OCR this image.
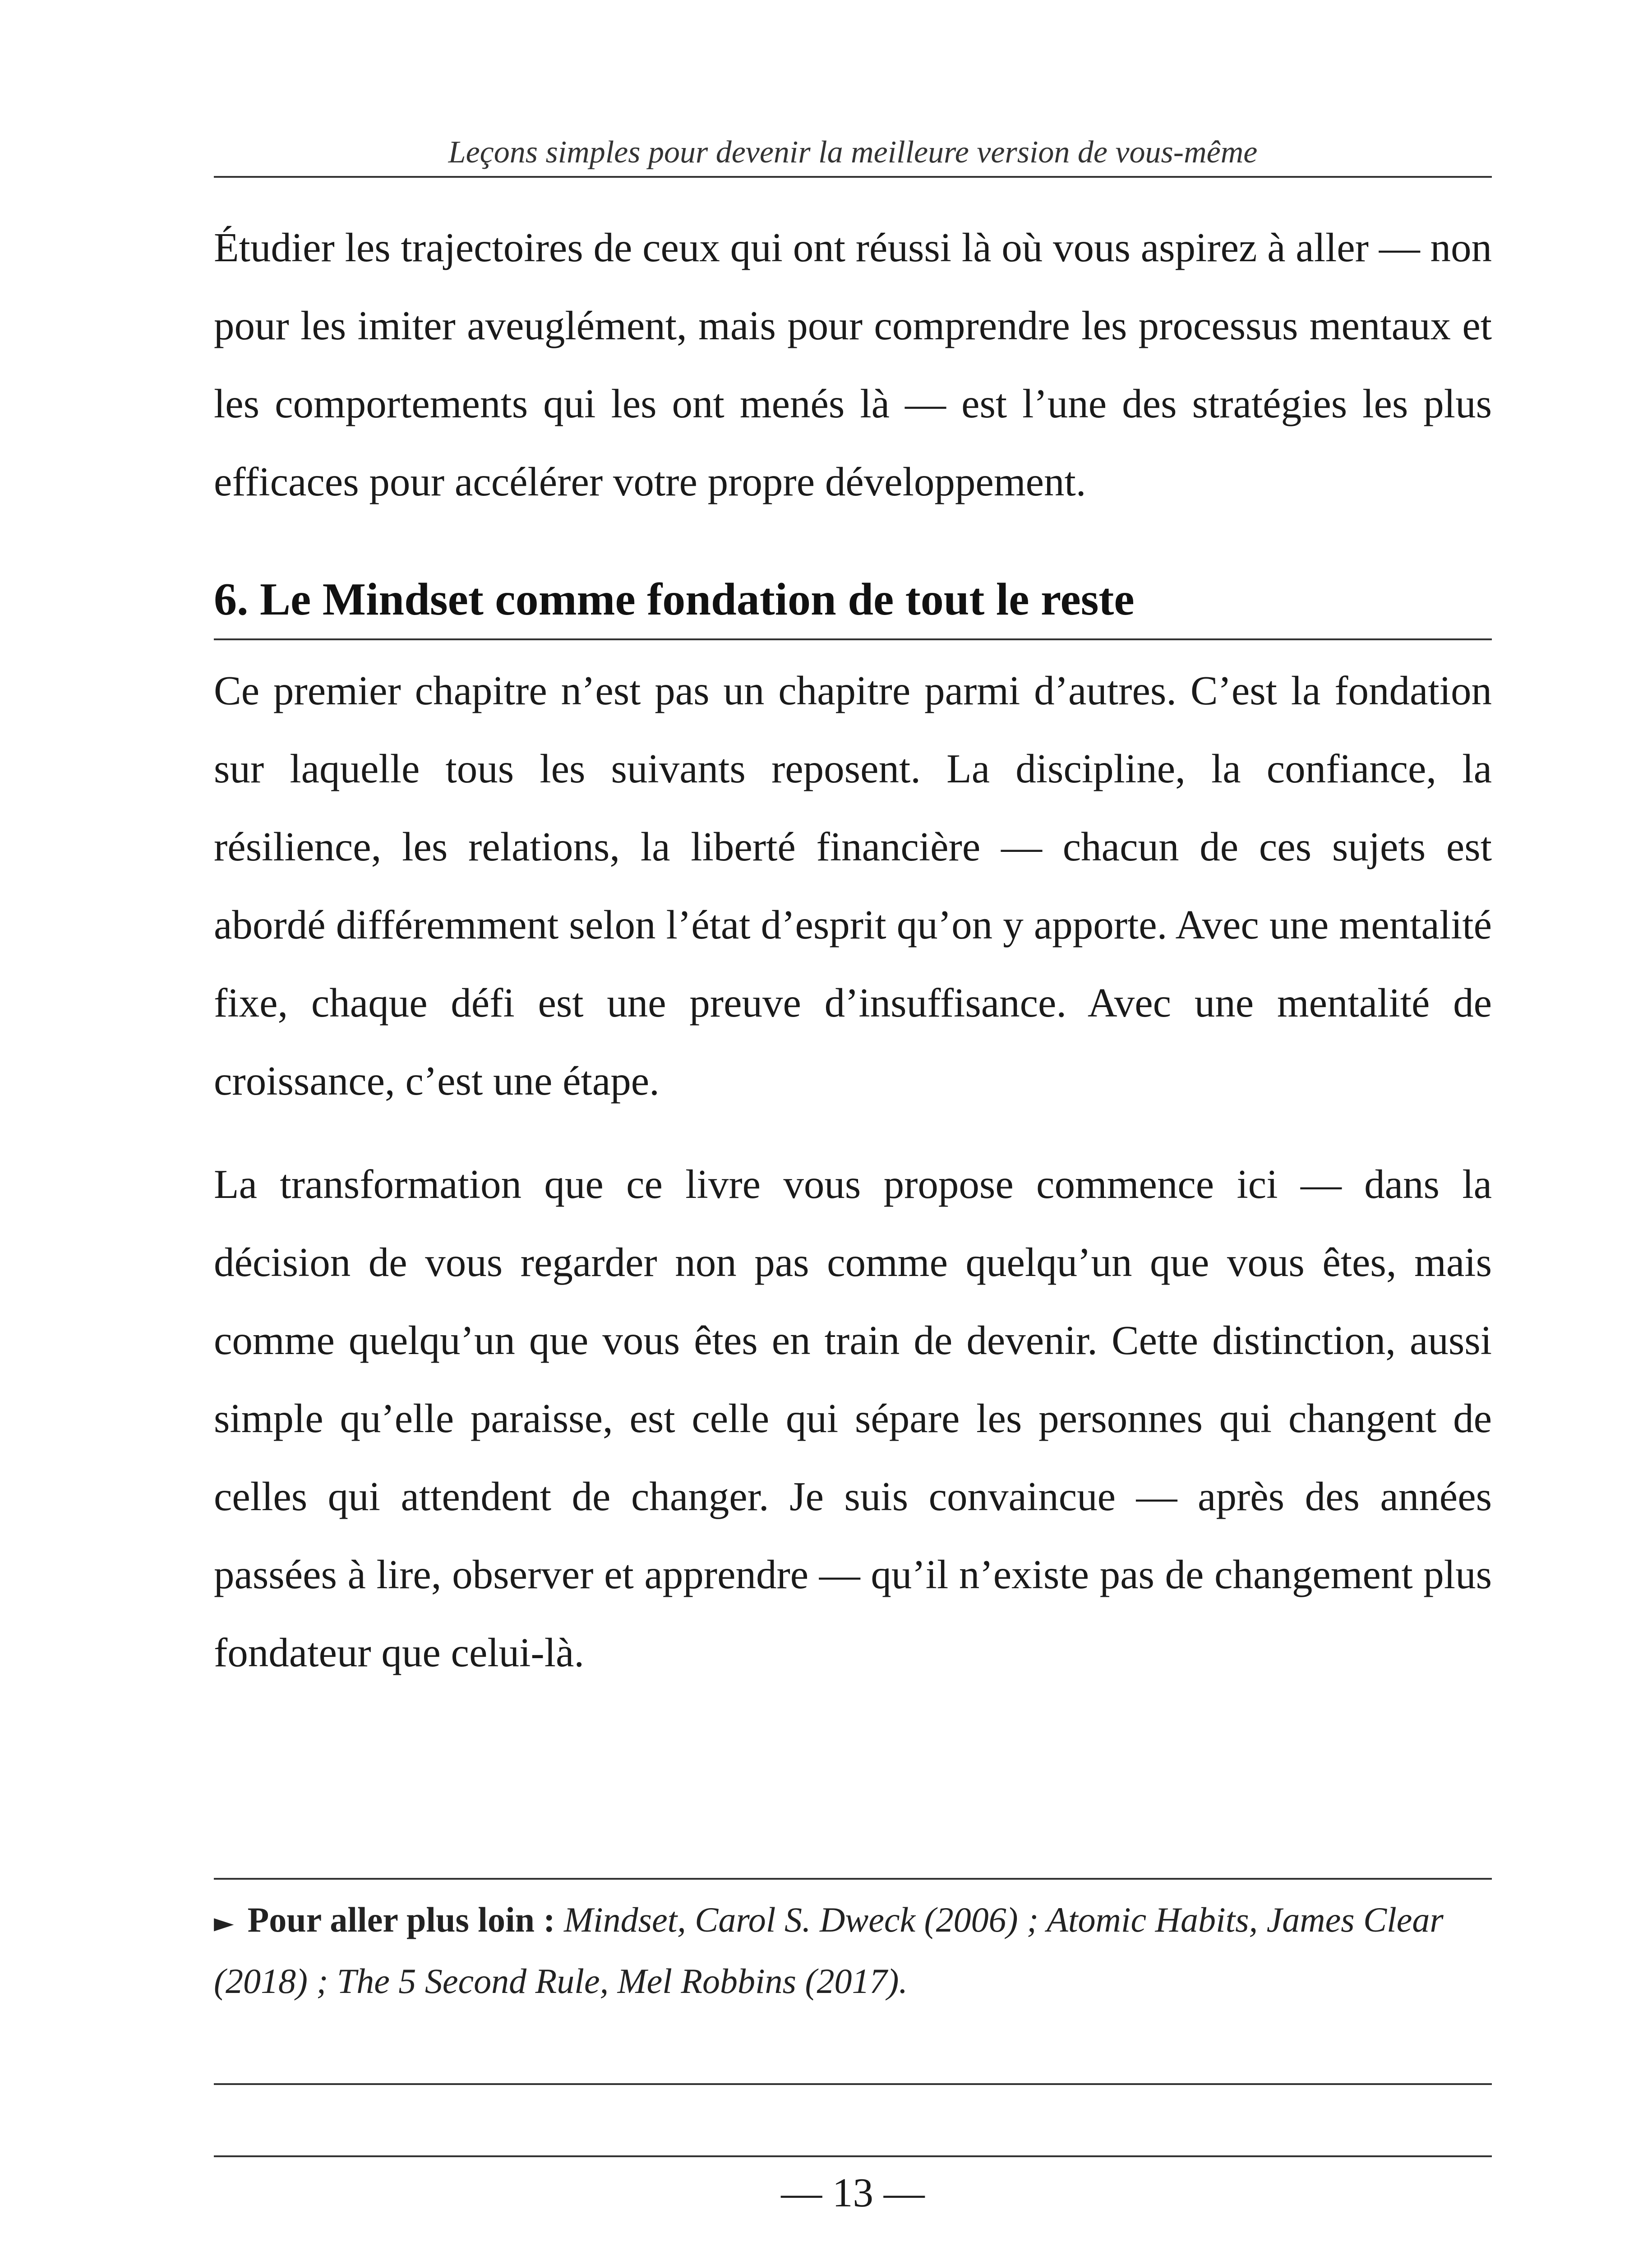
Leçons simples pour devenir la meilleure version de vous-même

Étudier les trajectoires de ceux qui ont réussi là où vous aspirez à aller — non pour les imiter aveuglément, mais pour comprendre les processus mentaux et les comportements qui les ont menés là — est l’une des stratégies les plus efficaces pour accélérer votre propre développement.

6. Le Mindset comme fondation de tout le reste

Ce premier chapitre n’est pas un chapitre parmi d’autres. C’est la fondation sur laquelle tous les suivants reposent. La discipline, la confiance, la résilience, les relations, la liberté financière — chacun de ces sujets est abordé différemment selon l’état d’esprit qu’on y apporte. Avec une mentalité fixe, chaque défi est une preuve d’insuffisance. Avec une mentalité de croissance, c’est une étape.

La transformation que ce livre vous propose commence ici — dans la décision de vous regarder non pas comme quelqu’un que vous êtes, mais comme quelqu’un que vous êtes en train de devenir. Cette distinction, aussi simple qu’elle paraisse, est celle qui sépare les personnes qui changent de celles qui attendent de changer. Je suis convaincue — après des années passées à lire, observer et apprendre — qu’il n’existe pas de changement plus fondateur que celui-là.

► Pour aller plus loin : Mindset, Carol S. Dweck (2006) ; Atomic Habits, James Clear (2018) ; The 5 Second Rule, Mel Robbins (2017).

— 13 —
